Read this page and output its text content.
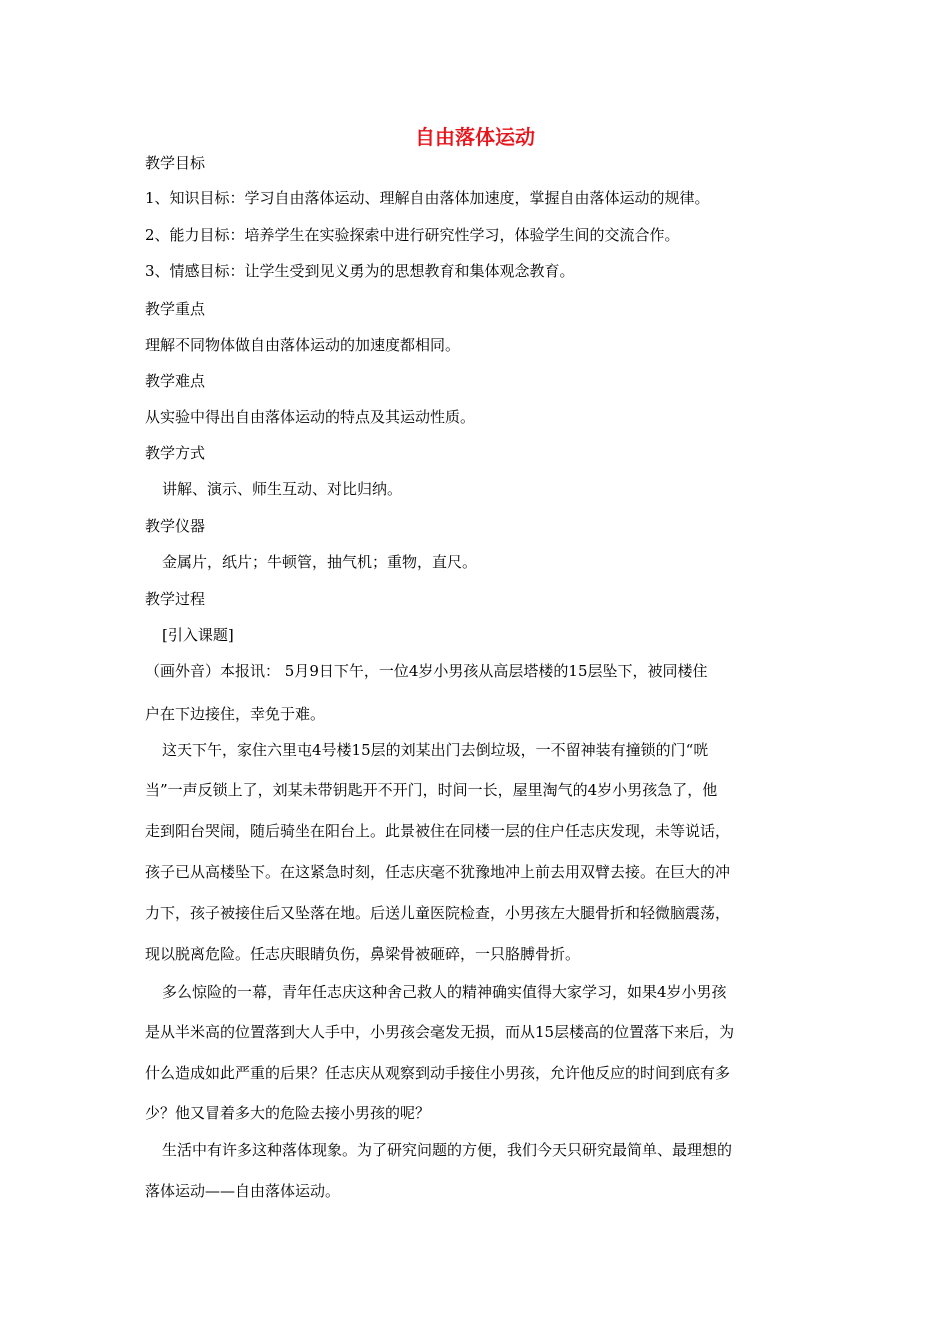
自由落体运动
教学目标
1、知识目标：学习自由落体运动、理解自由落体加速度，掌握自由落体运动的规律。
2、能力目标：培养学生在实验探索中进行研究性学习，体验学生间的交流合作。
3、情感目标：让学生受到见义勇为的思想教育和集体观念教育。
教学重点
理解不同物体做自由落体运动的加速度都相同。
教学难点
从实验中得出自由落体运动的特点及其运动性质。
教学方式
讲解、演示、师生互动、对比归纳。
教学仪器
金属片，纸片；牛顿管，抽气机；重物，直尺。
教学过程
[引入课题]
（画外音）本报讯： 5月9日下午，一位4岁小男孩从高层塔楼的15层坠下，被同楼住
户在下边接住，幸免于难。
这天下午，家住六里屯4号楼15层的刘某出门去倒垃圾，一不留神装有撞锁的门“咣
当”一声反锁上了，刘某未带钥匙开不开门，时间一长，屋里淘气的4岁小男孩急了，他
走到阳台哭闹，随后骑坐在阳台上。此景被住在同楼一层的住户任志庆发现，未等说话，
孩子已从高楼坠下。在这紧急时刻，任志庆毫不犹豫地冲上前去用双臂去接。在巨大的冲
力下，孩子被接住后又坠落在地。后送儿童医院检查，小男孩左大腿骨折和轻微脑震荡，
现以脱离危险。任志庆眼睛负伤，鼻梁骨被砸碎，一只胳膊骨折。
多么惊险的一幕，青年任志庆这种舍己救人的精神确实值得大家学习，如果4岁小男孩
是从半米高的位置落到大人手中，小男孩会毫发无损，而从15层楼高的位置落下来后，为
什么造成如此严重的后果？任志庆从观察到动手接住小男孩，允许他反应的时间到底有多
少？他又冒着多大的危险去接小男孩的呢？
生活中有许多这种落体现象。为了研究问题的方便，我们今天只研究最简单、最理想的
落体运动——自由落体运动。
